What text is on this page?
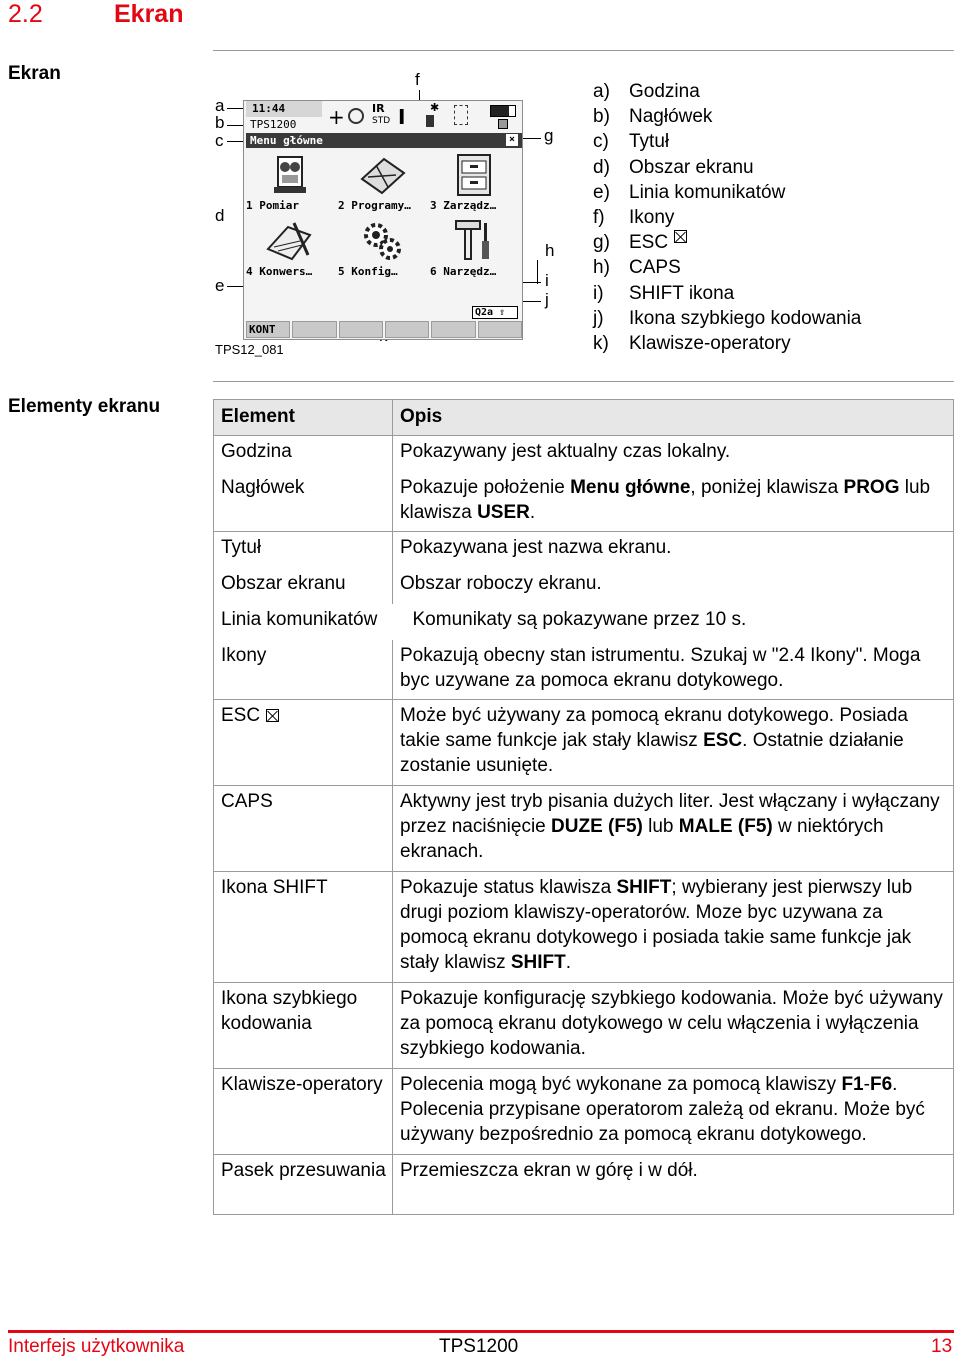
2.2	Ekran
Ekran	f
a
b
c
d
e
g
h
i
j
TPS12_081
11:44
TPS1200	+ IR
STD I ✱
Menu główne	×
1 Pomiar	2 Programy…	3 Zarządz…
4 Konwers…	5 Konfig…	6 Narzędz…
Q2a ⇧
KONT
a)	Godzina
b)	Nagłówek
c)	Tytuł
d)	Obszar ekranu
e)	Linia komunikatów
f)	Ikony
g)	ESC
h)	CAPS
i)	SHIFT ikona
j)	Ikona szybkiego kodowania
k)	Klawisze-operatory
Elementy ekranu	Element	Opis
Godzina	Pokazywany jest aktualny czas lokalny.
Nagłówek	Pokazuje położenie Menu główne, poniżej klawisza PROG lub klawisza USER.
Tytuł	Pokazywana jest nazwa ekranu.
Obszar ekranu	Obszar roboczy ekranu.
Linia komunikatów	Komunikaty są pokazywane przez 10 s.
Ikony	Pokazują obecny stan istrumentu. Szukaj w "2.4 Ikony". Moga byc uzywane za pomoca ekranu dotykowego.
ESC	Może być używany za pomocą ekranu dotykowego. Posiada takie same funkcje jak stały klawisz ESC. Ostatnie działanie zostanie usunięte.
CAPS	Aktywny jest tryb pisania dużych liter. Jest włączany i wyłączany przez naciśnięcie DUZE (F5) lub MALE (F5) w niektórych ekranach.
Ikona SHIFT	Pokazuje status klawisza SHIFT; wybierany jest pierwszy lub drugi poziom klawiszy-operatorów. Moze byc uzywana za pomocą ekranu dotykowego i posiada takie same funkcje jak stały klawisz SHIFT.
Ikona szybkiego kodowania	Pokazuje konfigurację szybkiego kodowania. Może być używany za pomocą ekranu dotykowego w celu włączenia i wyłączenia szybkiego kodowania.
Klawisze-operatory	Polecenia mogą być wykonane za pomocą klawiszy F1-F6. Polecenia przypisane operatorom zależą od ekranu. Może być używany bezpośrednio za pomocą ekranu dotykowego.
Pasek przesuwania	Przemieszcza ekran w górę i w dół.
Interfejs użytkownika	TPS1200	13
